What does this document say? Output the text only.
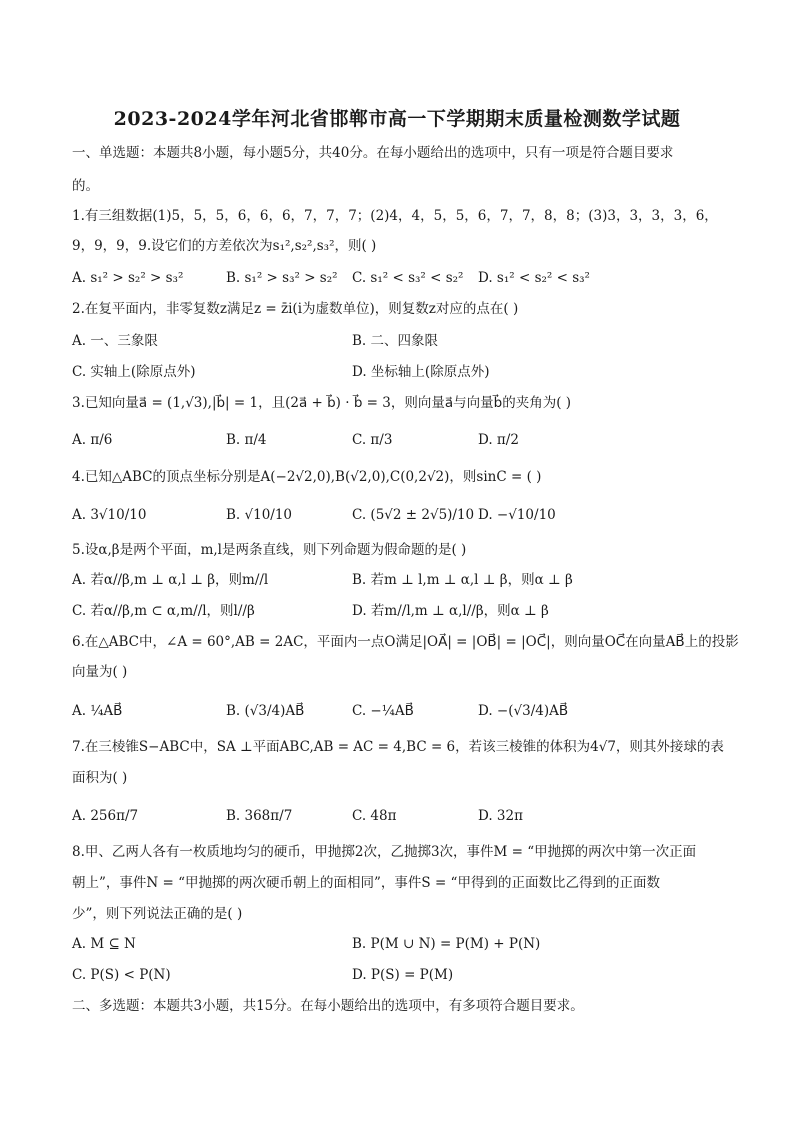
2023-2024学年河北省邯郸市高一下学期期末质量检测数学试题
一、单选题：本题共8小题，每小题5分，共40分。在每小题给出的选项中，只有一项是符合题目要求
的。
1.有三组数据(1)5，5，5，6，6，6，7，7，7；(2)4，4，5，5，6，7，7，8，8；(3)3，3，3，3，6，
9，9，9，9.设它们的方差依次为s₁²,s₂²,s₃²，则( )
A. s₁² > s₂² > s₃²	B. s₁² > s₃² > s₂² C. s₁² < s₃² < s₂² D. s₁² < s₂² < s₃²
2.在复平面内，非零复数z满足z = z̄i(i为虚数单位)，则复数z对应的点在( )
A. 一、三象限	B. 二、四象限
C. 实轴上(除原点外)	D. 坐标轴上(除原点外)
3.已知向量a⃗ = (1,√3),|b⃗| = 1，且(2a⃗ + b⃗) · b⃗ = 3，则向量a⃗与向量b⃗的夹角为( )
A. π/6	B. π/4	C. π/3	D. π/2
4.已知△ABC的顶点坐标分别是A(−2√2,0),B(√2,0),C(0,2√2)，则sinC = ( )
A. 3√10/10	B. √10/10	C. (5√2 ± 2√5)/10 D. −√10/10
5.设α,β是两个平面，m,l是两条直线，则下列命题为假命题的是( )
A. 若α//β,m ⊥ α,l ⊥ β，则m//l	B. 若m ⊥ l,m ⊥ α,l ⊥ β，则α ⊥ β
C. 若α//β,m ⊂ α,m//l，则l//β	D. 若m//l,m ⊥ α,l//β，则α ⊥ β
6.在△ABC中，∠A = 60°,AB = 2AC，平面内一点O满足|OA⃗| = |OB⃗| = |OC⃗|，则向量OC⃗在向量AB⃗上的投影
向量为( )
A. ¼AB⃗	B. (√3/4)AB⃗	C. −¼AB⃗	D. −(√3/4)AB⃗
7.在三棱锥S−ABC中，SA ⊥平面ABC,AB = AC = 4,BC = 6，若该三棱锥的体积为4√7，则其外接球的表
面积为( )
A. 256π/7	B. 368π/7	C. 48π	D. 32π
8.甲、乙两人各有一枚质地均匀的硬币，甲抛掷2次，乙抛掷3次，事件M = “甲抛掷的两次中第一次正面
朝上”，事件N = “甲抛掷的两次硬币朝上的面相同”，事件S = “甲得到的正面数比乙得到的正面数
少”，则下列说法正确的是( )
A. M ⊆ N	B. P(M ∪ N) = P(M) + P(N)
C. P(S) < P(N)	D. P(S) = P(M)
二、多选题：本题共3小题，共15分。在每小题给出的选项中，有多项符合题目要求。
